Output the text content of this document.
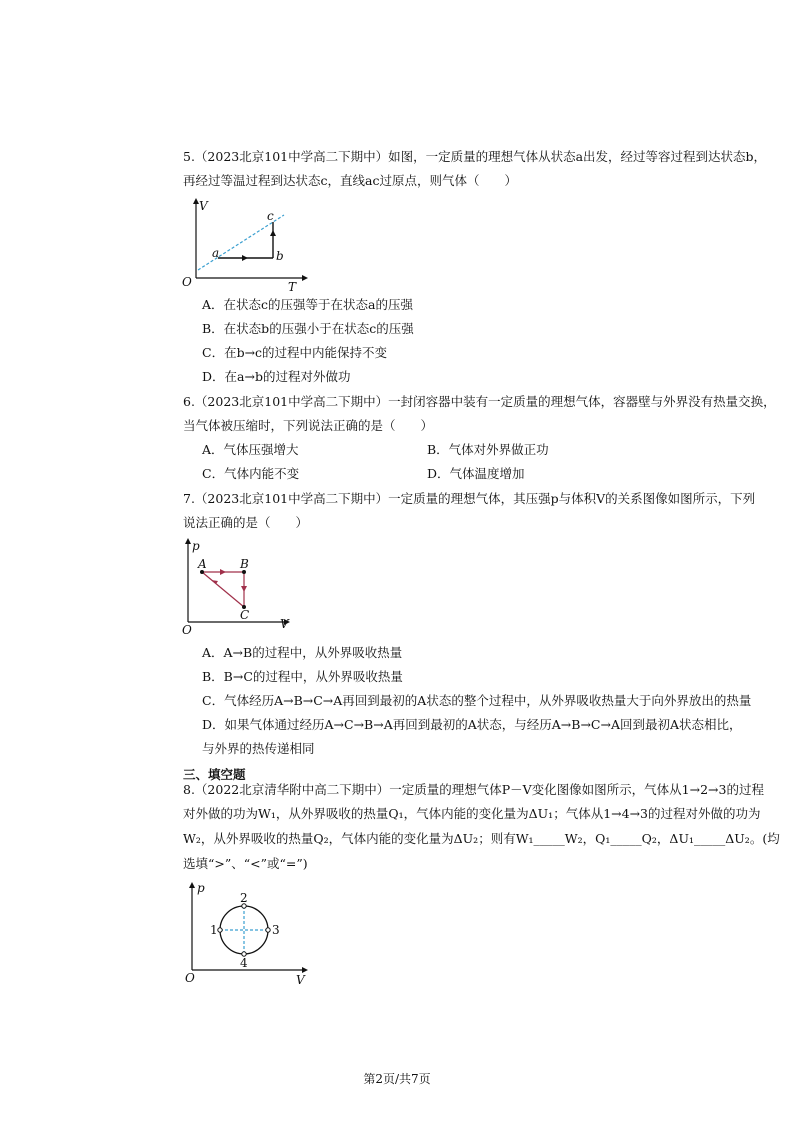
5.（2023北京101中学高二下期中）如图，一定质量的理想气体从状态a出发，经过等容过程到达状态b，
再经过等温过程到达状态c，直线ac过原点，则气体（　　）
V
T
O
a	b
c
A．在状态c的压强等于在状态a的压强
B．在状态b的压强小于在状态c的压强
C．在b→c的过程中内能保持不变
D．在a→b的过程对外做功
6.（2023北京101中学高二下期中）一封闭容器中装有一定质量的理想气体，容器壁与外界没有热量交换，
当气体被压缩时，下列说法正确的是（　　）
A．气体压强增大	B．气体对外界做正功
C．气体内能不变	D．气体温度增加
7.（2023北京101中学高二下期中）一定质量的理想气体，其压强p与体积V的关系图像如图所示，下列
说法正确的是（　　）
p
V
O
A	B
C
A．A→B的过程中，从外界吸收热量
B．B→C的过程中，从外界吸收热量
C．气体经历A→B→C→A再回到最初的A状态的整个过程中，从外界吸收热量大于向外界放出的热量
D．如果气体通过经历A→C→B→A再回到最初的A状态，与经历A→B→C→A回到最初A状态相比，
与外界的热传递相同
三、填空题
8.（2022北京清华附中高二下期中）一定质量的理想气体P－V变化图像如图所示，气体从1→2→3的过程
对外做的功为W₁，从外界吸收的热量Q₁，气体内能的变化量为ΔU₁；气体从1→4→3的过程对外做的功为
W₂，从外界吸收的热量Q₂，气体内能的变化量为ΔU₂；则有W₁_____W₂，Q₁_____Q₂，ΔU₁_____ΔU₂。(均
选填“>”、“<”或“=”)
p
V
O
1
2
3
4
第2页/共7页
